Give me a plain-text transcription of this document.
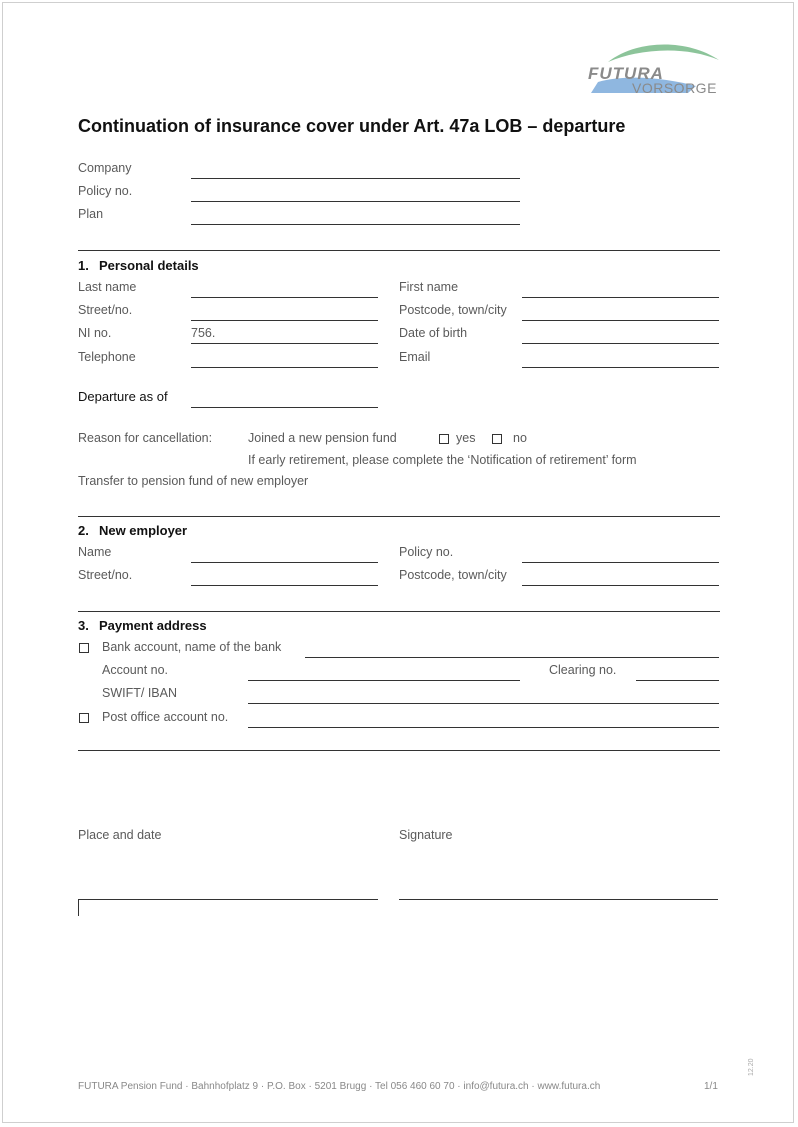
FUTURA
VORSORGE
Continuation of insurance cover under Art. 47a LOB – departure
Company
Policy no.
Plan
1.  Personal details
Last name	First name
Street/no.	Postcode, town/city
NI no.	756.	Date of birth
Telephone	Email
Departure as of
Reason for cancellation:	Joined a new pension fund	yes	no
If early retirement, please complete the ‘Notification of retirement’ form
Transfer to pension fund of new employer
2.  New employer
Name	Policy no.
Street/no.	Postcode, town/city
3.  Payment address
Bank account, name of the bank
Account no.	Clearing no.
SWIFT/ IBAN
Post office account no.
Place and date	Signature
FUTURA Pension Fund · Bahnhofplatz 9 · P.O. Box · 5201 Brugg · Tel 056 460 60 70 · info@futura.ch · www.futura.ch	1/1
12.20
